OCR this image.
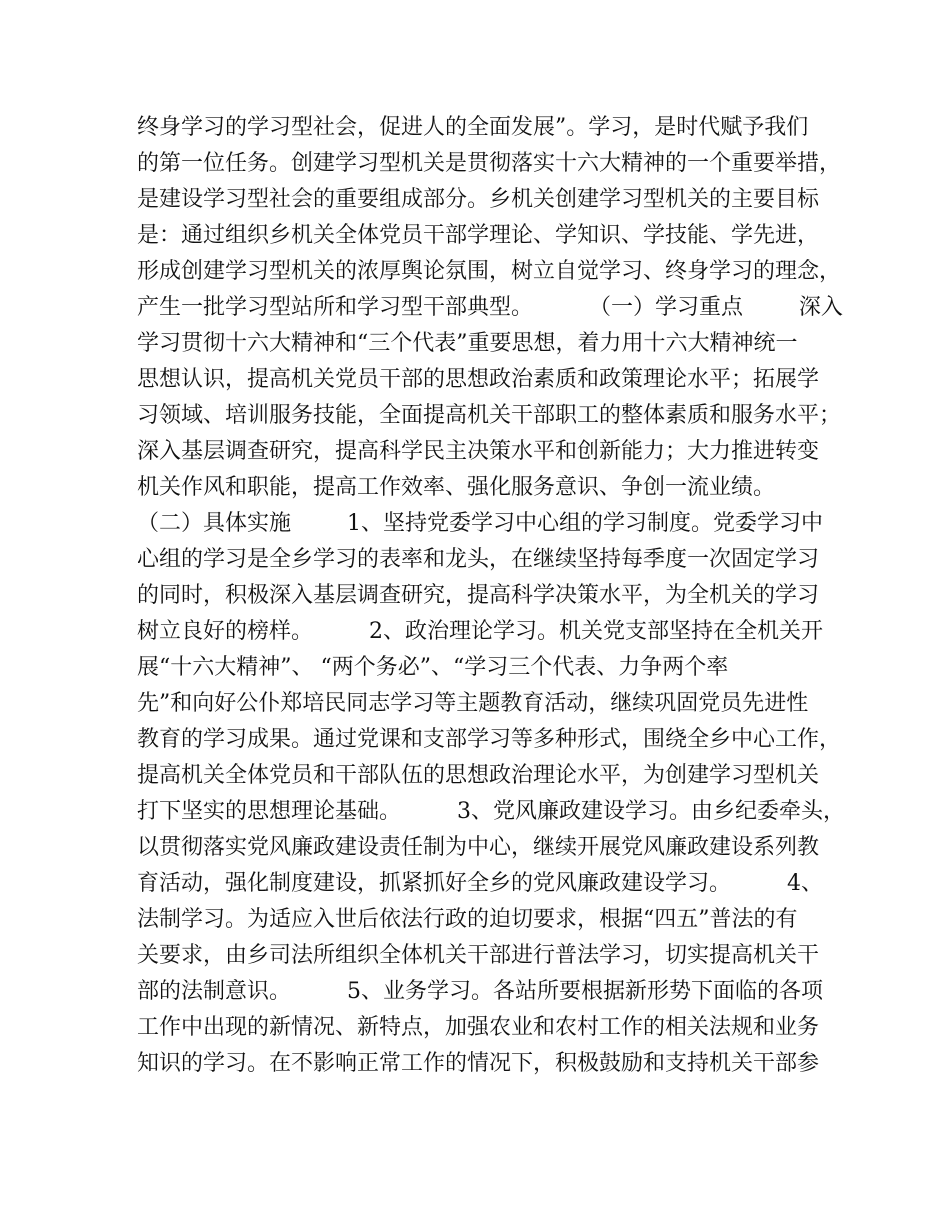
终身学习的学习型社会，促进人的全面发展”。学习，是时代赋予我们
的第一位任务。创建学习型机关是贯彻落实十六大精神的一个重要举措，
是建设学习型社会的重要组成部分。乡机关创建学习型机关的主要目标
是：通过组织乡机关全体党员干部学理论、学知识、学技能、学先进，
形成创建学习型机关的浓厚舆论氛围，树立自觉学习、终身学习的理念，
产生一批学习型站所和学习型干部典型。        （一）学习重点        深入
学习贯彻十六大精神和“三个代表”重要思想，着力用十六大精神统一
思想认识，提高机关党员干部的思想政治素质和政策理论水平；拓展学
习领域、培训服务技能，全面提高机关干部职工的整体素质和服务水平；
深入基层调查研究，提高科学民主决策水平和创新能力；大力推进转变
机关作风和职能，提高工作效率、强化服务意识、争创一流业绩。
（二）具体实施        1、坚持党委学习中心组的学习制度。党委学习中
心组的学习是全乡学习的表率和龙头，在继续坚持每季度一次固定学习
的同时，积极深入基层调查研究，提高科学决策水平，为全机关的学习
树立良好的榜样。        2、政治理论学习。机关党支部坚持在全机关开
展“十六大精神”、 “两个务必”、“学习三个代表、力争两个率
先”和向好公仆郑培民同志学习等主题教育活动，继续巩固党员先进性
教育的学习成果。通过党课和支部学习等多种形式，围绕全乡中心工作，
提高机关全体党员和干部队伍的思想政治理论水平，为创建学习型机关
打下坚实的思想理论基础。        3、党风廉政建设学习。由乡纪委牵头，
以贯彻落实党风廉政建设责任制为中心，继续开展党风廉政建设系列教
育活动，强化制度建设，抓紧抓好全乡的党风廉政建设学习。        4、
法制学习。为适应入世后依法行政的迫切要求，根据“四五”普法的有
关要求，由乡司法所组织全体机关干部进行普法学习，切实提高机关干
部的法制意识。        5、业务学习。各站所要根据新形势下面临的各项
工作中出现的新情况、新特点，加强农业和农村工作的相关法规和业务
知识的学习。在不影响正常工作的情况下，积极鼓励和支持机关干部参
